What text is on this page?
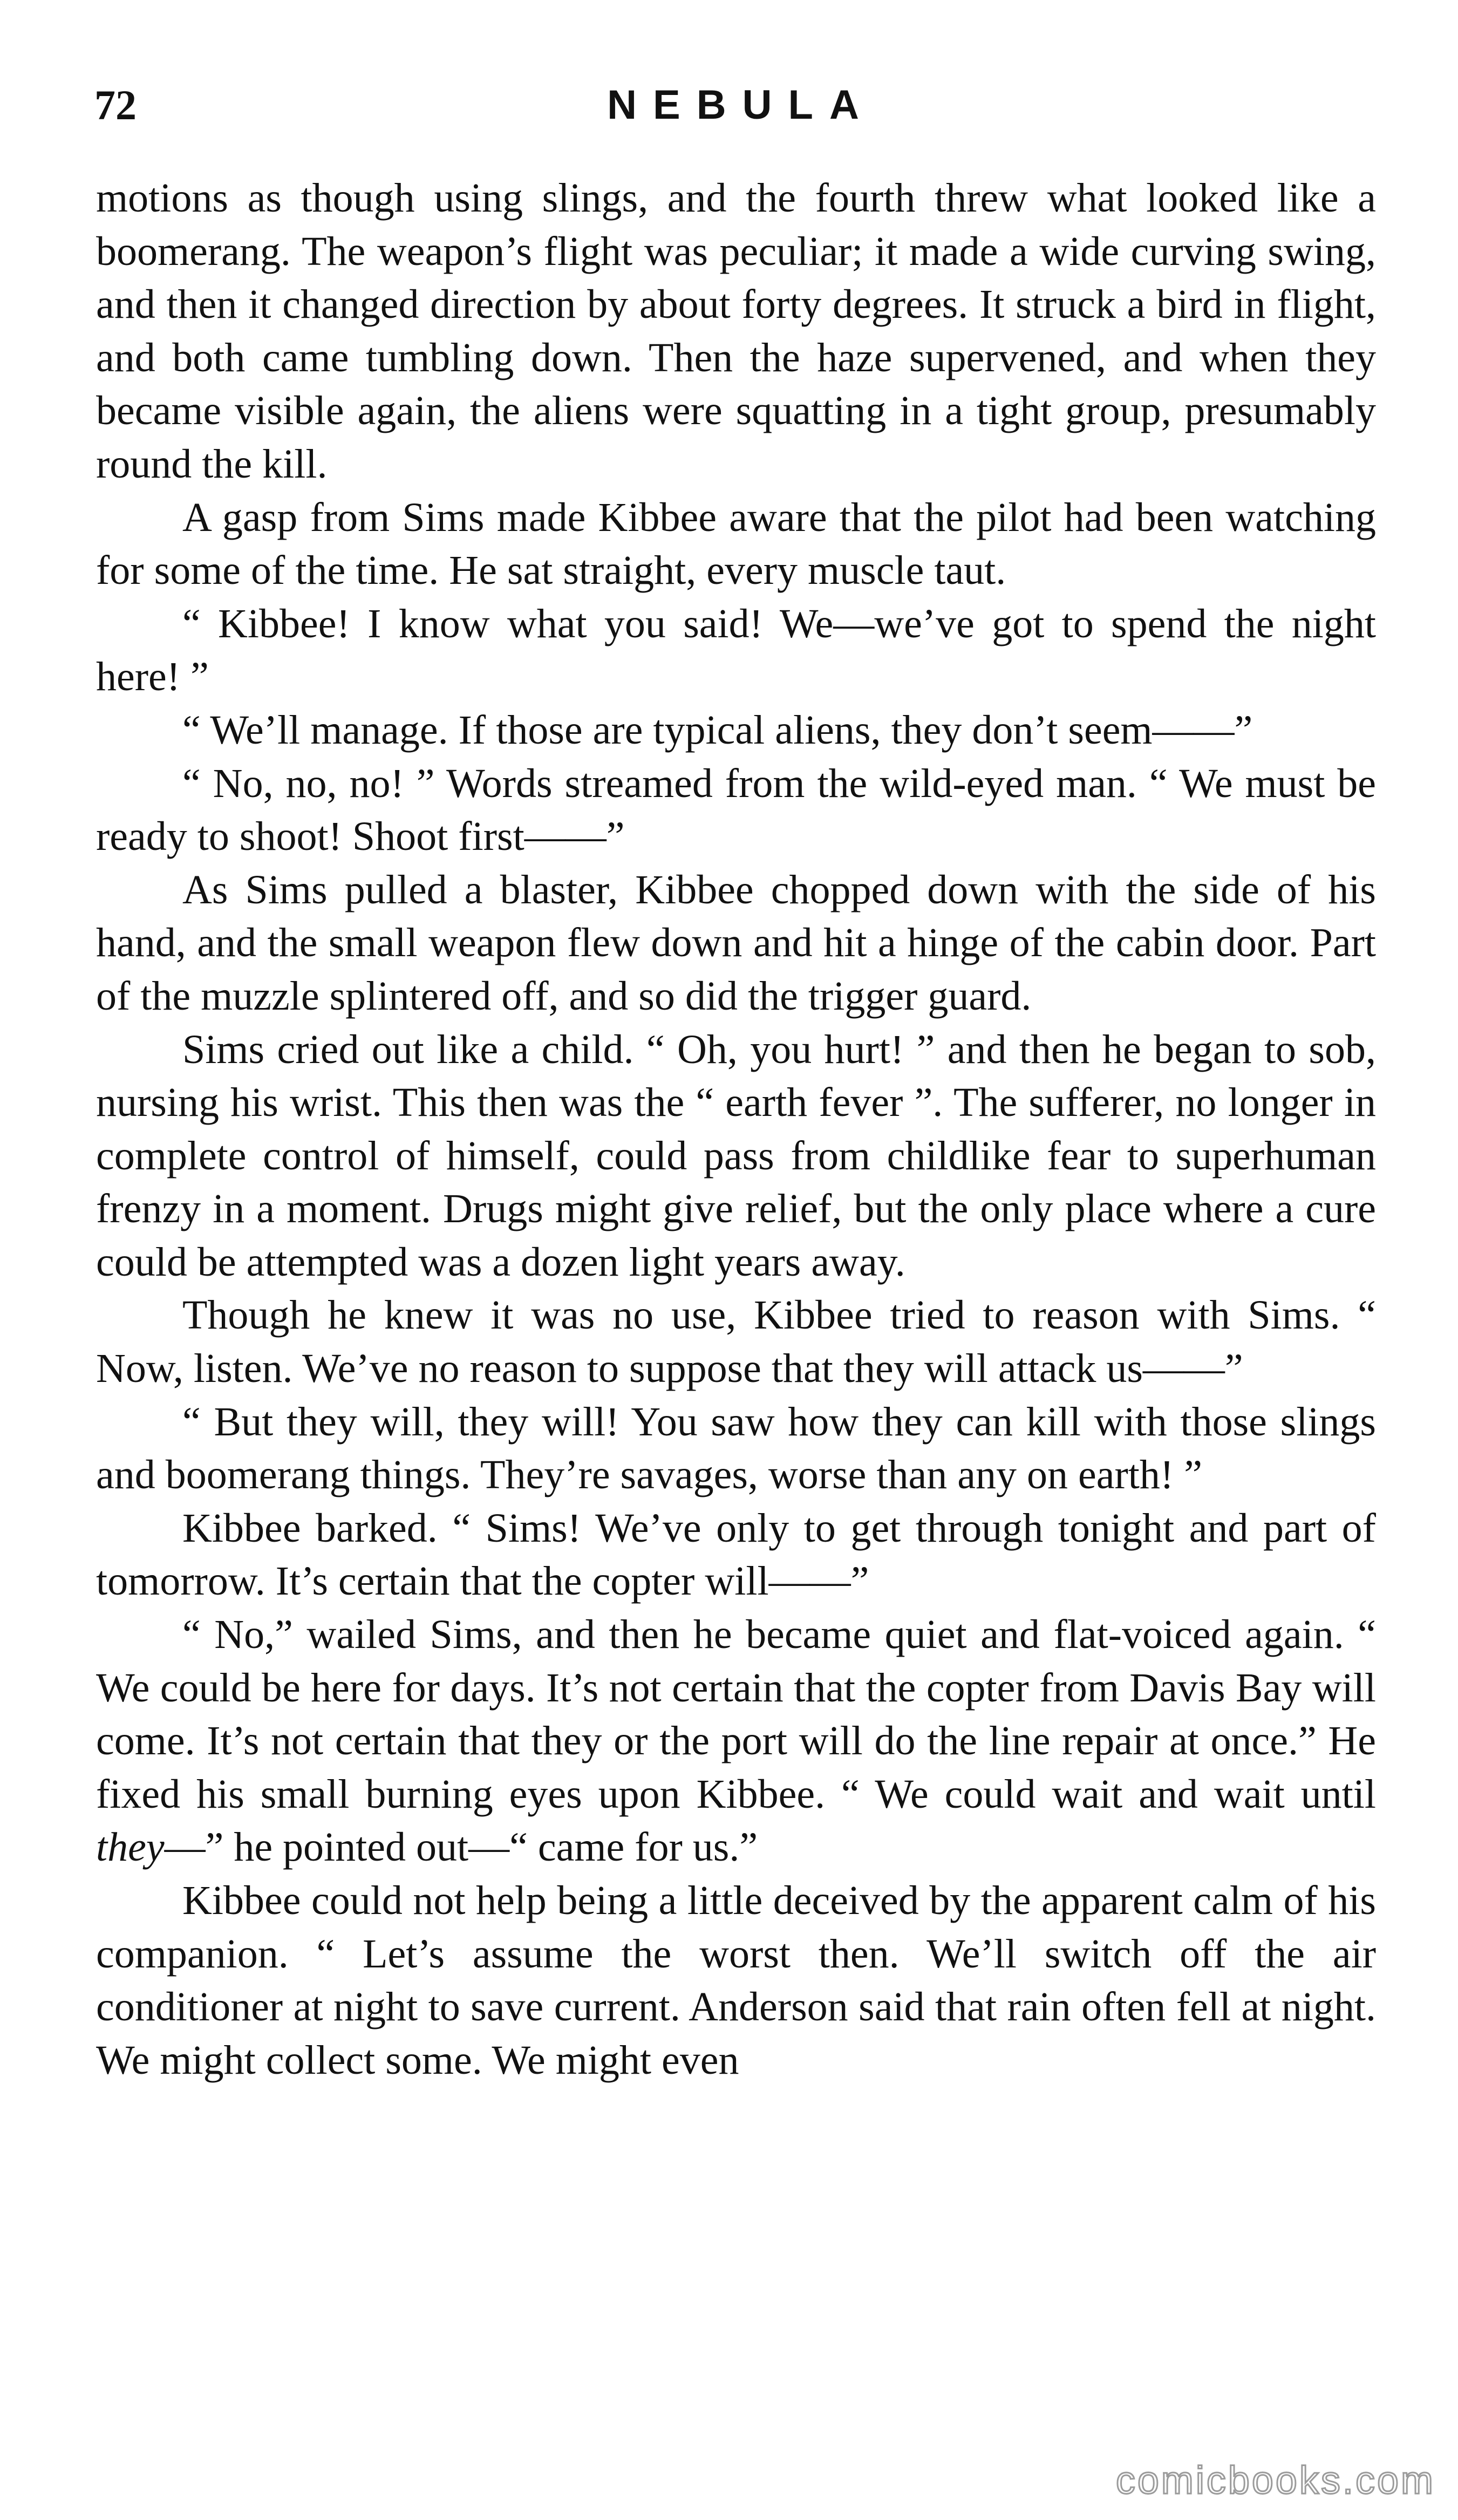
72	NEBULA

motions as though using slings, and the fourth threw what looked like a boomerang. The weapon’s flight was peculiar; it made a wide curving swing, and then it changed direction by about forty degrees. It struck a bird in flight, and both came tumbling down. Then the haze supervened, and when they became visible again, the aliens were squatting in a tight group, presumably round the kill.

A gasp from Sims made Kibbee aware that the pilot had been watching for some of the time. He sat straight, every muscle taut.

“ Kibbee! I know what you said! We—we’ve got to spend the night here! ”

“ We’ll manage. If those are typical aliens, they don’t seem——”

“ No, no, no! ” Words streamed from the wild-eyed man. “ We must be ready to shoot! Shoot first——”

As Sims pulled a blaster, Kibbee chopped down with the side of his hand, and the small weapon flew down and hit a hinge of the cabin door. Part of the muzzle splintered off, and so did the trigger guard.

Sims cried out like a child. “ Oh, you hurt! ” and then he began to sob, nursing his wrist. This then was the “ earth fever ”. The sufferer, no longer in complete control of himself, could pass from childlike fear to superhuman frenzy in a moment. Drugs might give relief, but the only place where a cure could be attempted was a dozen light years away.

Though he knew it was no use, Kibbee tried to reason with Sims. “ Now, listen. We’ve no reason to suppose that they will attack us——”

“ But they will, they will! You saw how they can kill with those slings and boomerang things. They’re savages, worse than any on earth! ”

Kibbee barked. “ Sims! We’ve only to get through tonight and part of tomorrow. It’s certain that the copter will——”

“ No,” wailed Sims, and then he became quiet and flat-voiced again. “ We could be here for days. It’s not certain that the copter from Davis Bay will come. It’s not certain that they or the port will do the line repair at once.” He fixed his small burning eyes upon Kibbee. “ We could wait and wait until they—” he pointed out—“ came for us.”

Kibbee could not help being a little deceived by the apparent calm of his companion. “ Let’s assume the worst then. We’ll switch off the air conditioner at night to save current. Anderson said that rain often fell at night. We might collect some. We might even

comicbooks.com
